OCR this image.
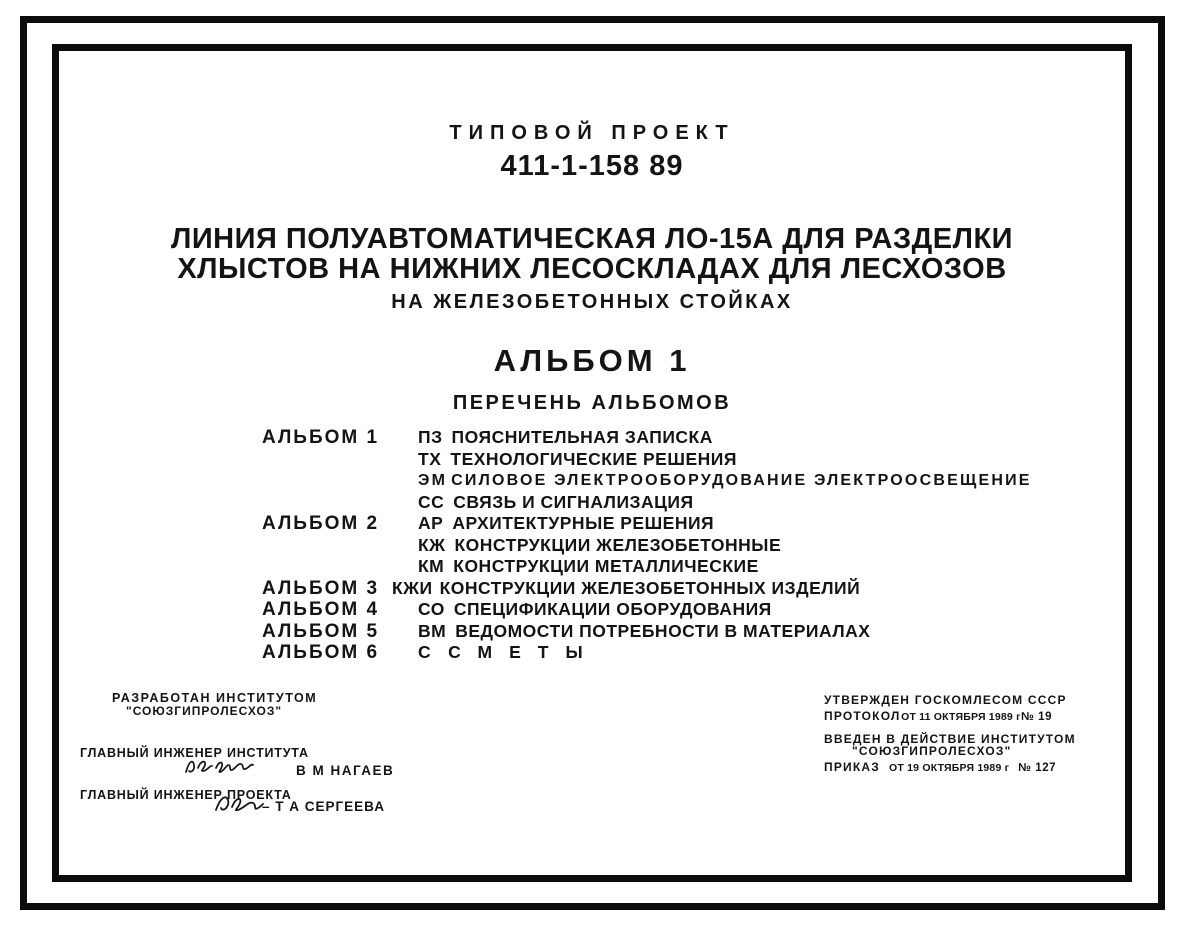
ТИПОВОЙ ПРОЕКТ
411-1-158 89
ЛИНИЯ ПОЛУАВТОМАТИЧЕСКАЯ ЛО-15А ДЛЯ РАЗДЕЛКИ
ХЛЫСТОВ НА НИЖНИХ ЛЕСОСКЛАДАХ ДЛЯ ЛЕСХОЗОВ
НА ЖЕЛЕЗОБЕТОННЫХ СТОЙКАХ
АЛЬБОМ 1
ПЕРЕЧЕНЬ АЛЬБОМОВ
АЛЬБОМ 1	ПЗ ПОЯСНИТЕЛЬНАЯ ЗАПИСКА
ТХ ТЕХНОЛОГИЧЕСКИЕ РЕШЕНИЯ
ЭМ СИЛОВОЕ ЭЛЕКТРООБОРУДОВАНИЕ ЭЛЕКТРООСВЕЩЕНИЕ
СС СВЯЗЬ И СИГНАЛИЗАЦИЯ
АЛЬБОМ 2	АР АРХИТЕКТУРНЫЕ РЕШЕНИЯ
КЖ КОНСТРУКЦИИ ЖЕЛЕЗОБЕТОННЫЕ
КМ КОНСТРУКЦИИ МЕТАЛЛИЧЕСКИЕ
АЛЬБОМ 3 КЖИ КОНСТРУКЦИИ ЖЕЛЕЗОБЕТОННЫХ ИЗДЕЛИЙ
АЛЬБОМ 4	СО СПЕЦИФИКАЦИИ ОБОРУДОВАНИЯ
АЛЬБОМ 5	ВМ ВЕДОМОСТИ ПОТРЕБНОСТИ В МАТЕРИАЛАХ
АЛЬБОМ 6	С СМЕТЫ
РАЗРАБОТАН ИНСТИТУТОМ
"СОЮЗГИПРОЛЕСХОЗ"
ГЛАВНЫЙ ИНЖЕНЕР ИНСТИТУТА
В М НАГАЕВ
ГЛАВНЫЙ ИНЖЕНЕР ПРОЕКТА
– Т А СЕРГЕЕВА
УТВЕРЖДЕН ГОСКОМЛЕСОМ СССР
ПРОТОКОЛ ОТ 11 ОКТЯБРЯ 1989 г № 19
ВВЕДЕН В ДЕЙСТВИЕ ИНСТИТУТОМ
"СОЮЗГИПРОЛЕСХОЗ"
ПРИКАЗ ОТ 19 ОКТЯБРЯ 1989 г № 127
